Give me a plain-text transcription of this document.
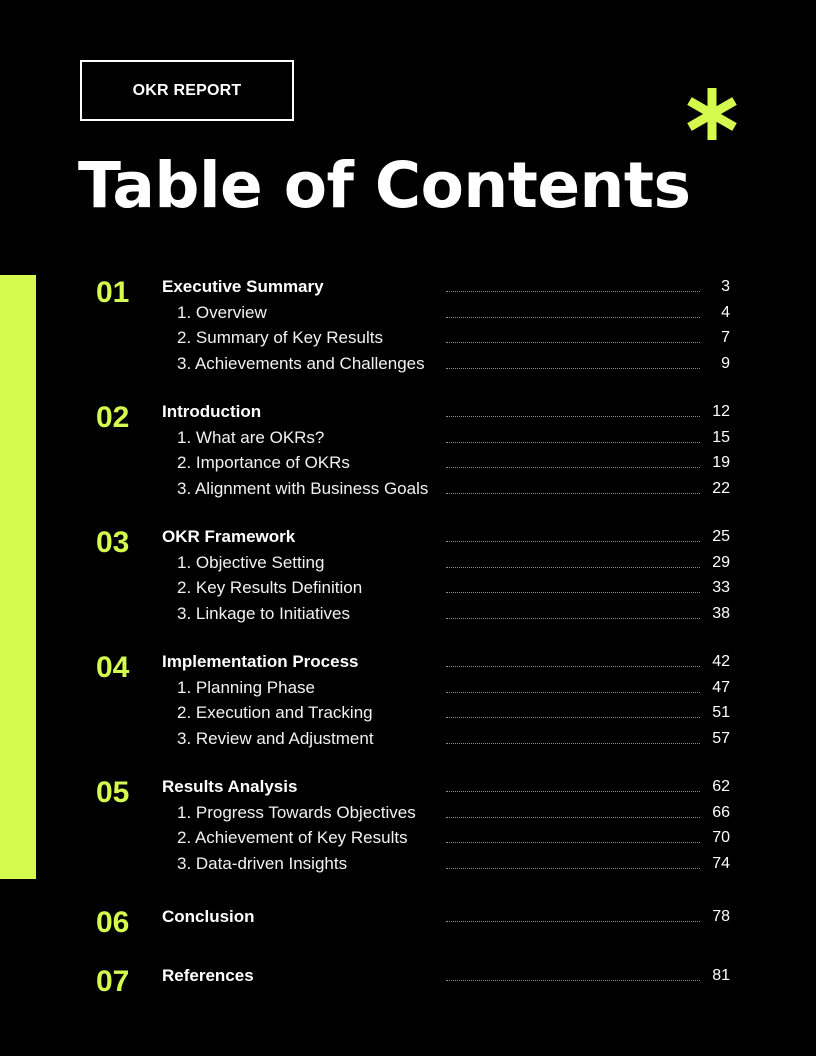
OKR REPORT
Table of Contents
01 Executive Summary	3
1. Overview	4
2. Summary of Key Results	7
3. Achievements and Challenges	9
02 Introduction	12
1. What are OKRs?	15
2. Importance of OKRs	19
3. Alignment with Business Goals	22
03 OKR Framework	25
1. Objective Setting	29
2. Key Results Definition	33
3. Linkage to Initiatives	38
04 Implementation Process	42
1. Planning Phase	47
2. Execution and Tracking	51
3. Review and Adjustment	57
05 Results Analysis	62
1. Progress Towards Objectives	66
2. Achievement of Key Results	70
3. Data-driven Insights	74
06 Conclusion	78
07 References	81
